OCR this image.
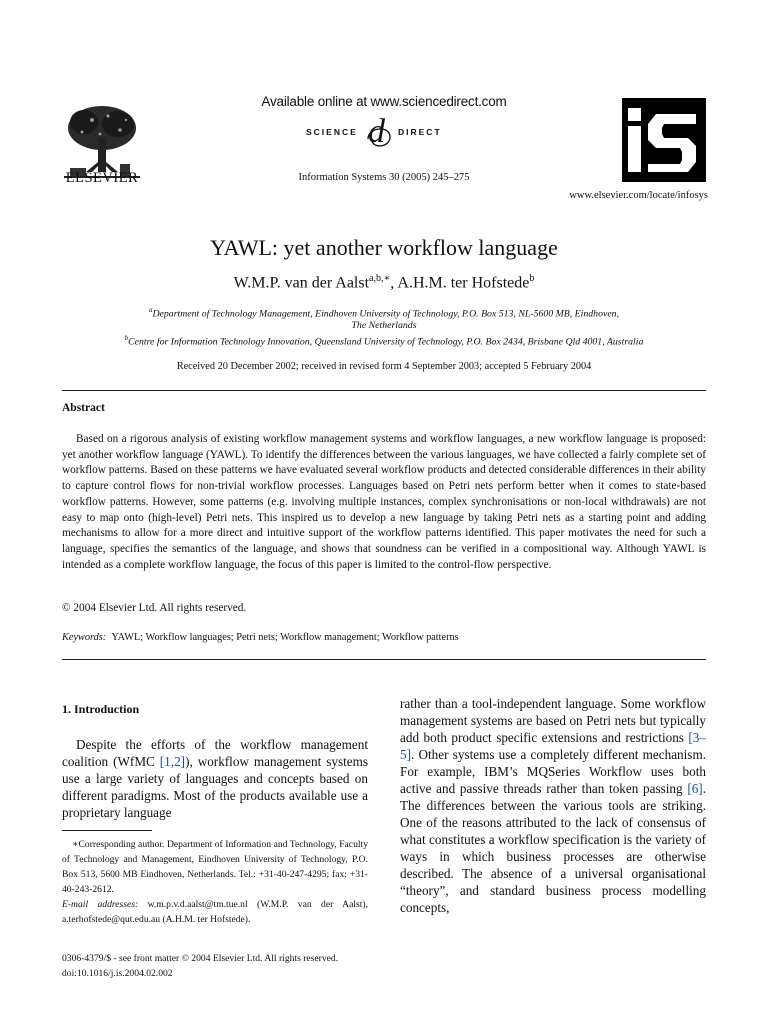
ELSEVIER
Available online at www.sciencedirect.com
SCIENCE d DIRECT
Information Systems 30 (2005) 245–275
IS
www.elsevier.com/locate/infosys
YAWL: yet another workflow language
W.M.P. van der Aalst$^{a,b,∗}$, A.H.M. ter Hofstede$^b$
$^a$Department of Technology Management, Eindhoven University of Technology, P.O. Box 513, NL-5600 MB, Eindhoven,
The Netherlands
$^b$Centre for Information Technology Innovation, Queensland University of Technology, P.O. Box 2434, Brisbane Qld 4001, Australia
Received 20 December 2002; received in revised form 4 September 2003; accepted 5 February 2004
Abstract

Based on a rigorous analysis of existing workflow management systems and workflow languages, a new workflow language is proposed: yet another workflow language (YAWL). To identify the differences between the various languages, we have collected a fairly complete set of workflow patterns. Based on these patterns we have evaluated several workflow products and detected considerable differences in their ability to capture control flows for non-trivial workflow processes. Languages based on Petri nets perform better when it comes to state-based workflow patterns. However, some patterns (e.g. involving multiple instances, complex synchronisations or non-local withdrawals) are not easy to map onto (high-level) Petri nets. This inspired us to develop a new language by taking Petri nets as a starting point and adding mechanisms to allow for a more direct and intuitive support of the workflow patterns identified. This paper motivates the need for such a language, specifies the semantics of the language, and shows that soundness can be verified in a compositional way. Although YAWL is intended as a complete workflow language, the focus of this paper is limited to the control-flow perspective.

© 2004 Elsevier Ltd. All rights reserved.
Keywords: YAWL; Workflow languages; Petri nets; Workflow management; Workflow patterns
1. Introduction

Despite the efforts of the workflow management coalition (WfMC [1,2]), workflow management systems use a large variety of languages and concepts based on different paradigms. Most of the products available use a proprietary language

rather than a tool-independent language. Some workflow management systems are based on Petri nets but typically add both product specific extensions and restrictions [3–5]. Other systems use a completely different mechanism. For example, IBM’s MQSeries Workflow uses both active and passive threads rather than token passing [6]. The differences between the various tools are striking. One of the reasons attributed to the lack of consensus of what constitutes a workflow specification is the variety of ways in which business processes are otherwise described. The absence of a universal organisational “theory”, and standard business process modelling concepts,

∗Corresponding author. Department of Information and Technology, Faculty of Technology and Management, Eindhoven University of Technology, P.O. Box 513, 5600 MB Eindhoven, Netherlands. Tel.: +31-40-247-4295; fax: +31-40-243-2612.
E-mail addresses: w.m.p.v.d.aalst@tm.tue.nl (W.M.P. van der Aalst), a.terhofstede@qut.edu.au (A.H.M. ter Hofstede).

0306-4379/$ - see front matter © 2004 Elsevier Ltd. All rights reserved.
doi:10.1016/j.is.2004.02.002
